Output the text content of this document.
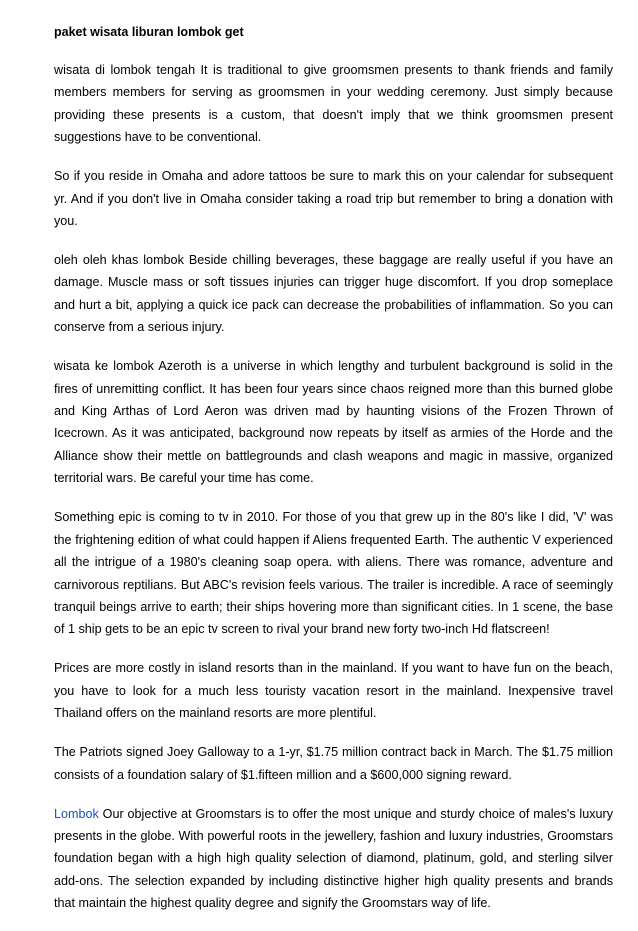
paket wisata liburan lombok get

wisata di lombok tengah It is traditional to give groomsmen presents to thank friends and family members members for serving as groomsmen in your wedding ceremony. Just simply because providing these presents is a custom, that doesn't imply that we think groomsmen present suggestions have to be conventional.

So if you reside in Omaha and adore tattoos be sure to mark this on your calendar for subsequent yr. And if you don't live in Omaha consider taking a road trip but remember to bring a donation with you.

oleh oleh khas lombok Beside chilling beverages, these baggage are really useful if you have an damage. Muscle mass or soft tissues injuries can trigger huge discomfort. If you drop someplace and hurt a bit, applying a quick ice pack can decrease the probabilities of inflammation. So you can conserve from a serious injury.

wisata ke lombok Azeroth is a universe in which lengthy and turbulent background is solid in the fires of unremitting conflict. It has been four years since chaos reigned more than this burned globe and King Arthas of Lord Aeron was driven mad by haunting visions of the Frozen Thrown of Icecrown. As it was anticipated, background now repeats by itself as armies of the Horde and the Alliance show their mettle on battlegrounds and clash weapons and magic in massive, organized territorial wars. Be careful your time has come.

Something epic is coming to tv in 2010. For those of you that grew up in the 80's like I did, 'V' was the frightening edition of what could happen if Aliens frequented Earth. The authentic V experienced all the intrigue of a 1980's cleaning soap opera. with aliens. There was romance, adventure and carnivorous reptilians. But ABC's revision feels various. The trailer is incredible. A race of seemingly tranquil beings arrive to earth; their ships hovering more than significant cities. In 1 scene, the base of 1 ship gets to be an epic tv screen to rival your brand new forty two-inch Hd flatscreen!

Prices are more costly in island resorts than in the mainland. If you want to have fun on the beach, you have to look for a much less touristy vacation resort in the mainland. Inexpensive travel Thailand offers on the mainland resorts are more plentiful.

The Patriots signed Joey Galloway to a 1-yr, $1.75 million contract back in March. The $1.75 million consists of a foundation salary of $1.fifteen million and a $600,000 signing reward.

Lombok Our objective at Groomstars is to offer the most unique and sturdy choice of males's luxury presents in the globe. With powerful roots in the jewellery, fashion and luxury industries, Groomstars foundation began with a high high quality selection of diamond, platinum, gold, and sterling silver add-ons. The selection expanded by including distinctive higher high quality presents and brands that maintain the highest quality degree and signify the Groomstars way of life.
